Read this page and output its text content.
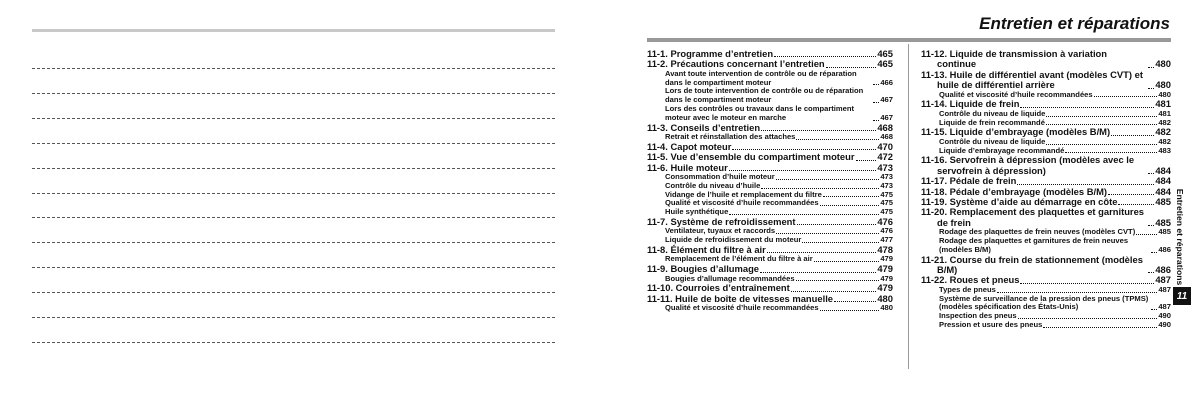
Entretien et réparations
11-1. Programme d’entretien	465
11-2. Précautions concernant l’entretien	465
Avant toute intervention de contrôle ou de réparation dans le compartiment moteur	466
Lors de toute intervention de contrôle ou de réparation dans le compartiment moteur	467
Lors des contrôles ou travaux dans le compartiment moteur avec le moteur en marche	467
11-3. Conseils d’entretien	468
Retrait et réinstallation des attaches	468
11-4. Capot moteur	470
11-5. Vue d’ensemble du compartiment moteur 472
11-6. Huile moteur	473
Consommation d’huile moteur	473
Contrôle du niveau d’huile	473
Vidange de l’huile et remplacement du filtre	475
Qualité et viscosité d’huile recommandées	475
Huile synthétique	475
11-7. Système de refroidissement	476
Ventilateur, tuyaux et raccords	476
Liquide de refroidissement du moteur	477
11-8. Élément du filtre à air	478
Remplacement de l’élément du filtre à air	479
11-9. Bougies d’allumage	479
Bougies d’allumage recommandées	479
11-10. Courroies d’entraînement	479
11-11. Huile de boîte de vitesses manuelle	480
Qualité et viscosité d’huile recommandées	480
11-12. Liquide de transmission à variation continue	480
11-13. Huile de différentiel avant (modèles CVT) et huile de différentiel arrière	480
Qualité et viscosité d’huile recommandées	480
11-14. Liquide de frein	481
Contrôle du niveau de liquide	481
Liquide de frein recommandé	482
11-15. Liquide d’embrayage (modèles B/M)	482
Contrôle du niveau de liquide	482
Liquide d’embrayage recommandé	483
11-16. Servofrein à dépression (modèles avec le servofrein à dépression)	484
11-17. Pédale de frein	484
11-18. Pédale d’embrayage (modèles B/M)	484
11-19. Système d’aide au démarrage en côte	485
11-20. Remplacement des plaquettes et garnitures de frein	485
Rodage des plaquettes de frein neuves (modèles CVT)	485
Rodage des plaquettes et garnitures de frein neuves (modèles B/M)	486
11-21. Course du frein de stationnement (modèles B/M)	486
11-22. Roues et pneus	487
Types de pneus	487
Système de surveillance de la pression des pneus (TPMS) (modèles spécification des États-Unis)	487
Inspection des pneus	490
Pression et usure des pneus	490
Entretien et réparations
11
